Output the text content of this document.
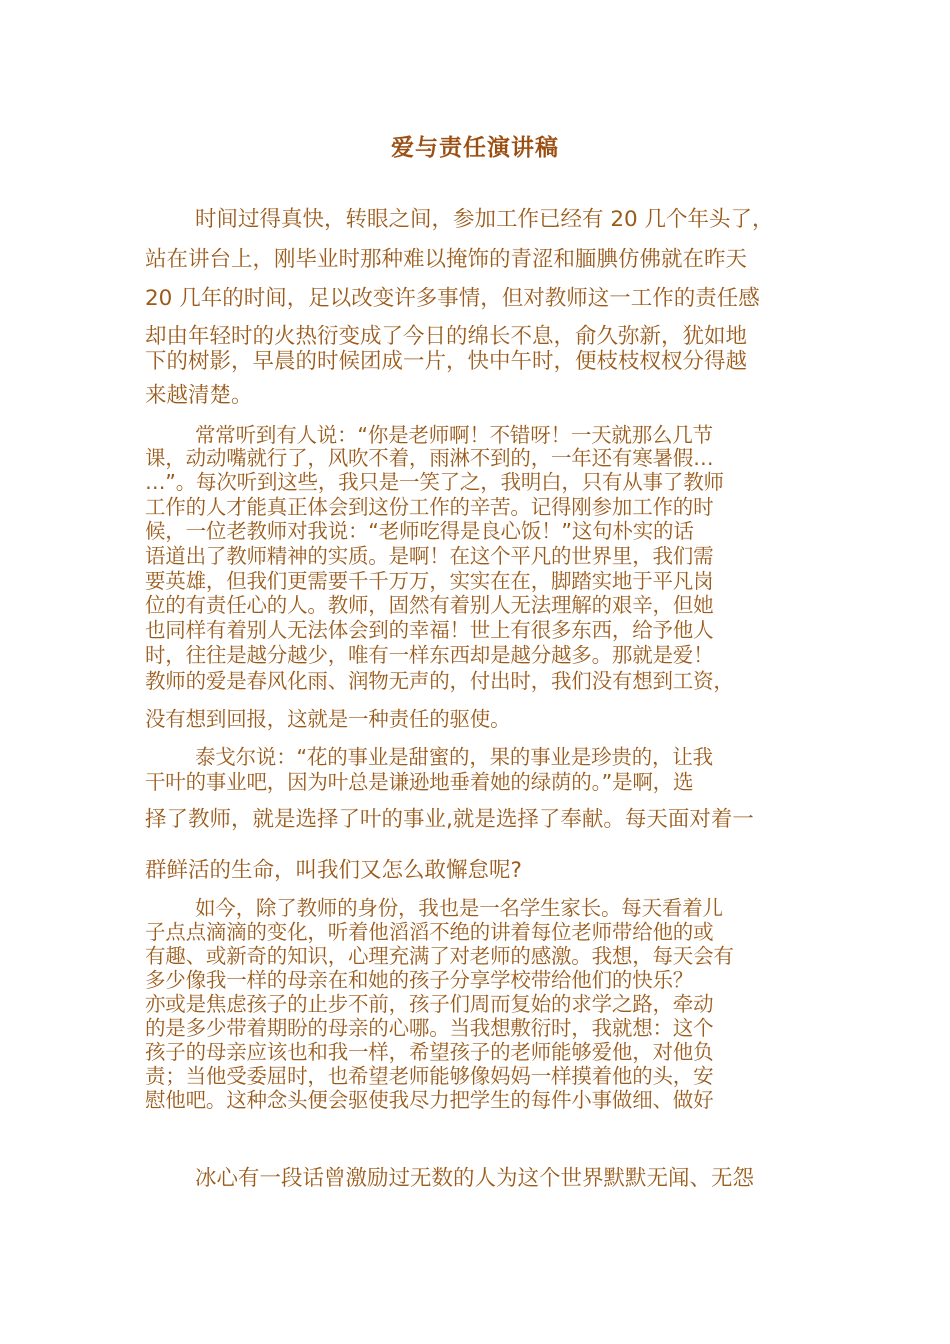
爱与责任演讲稿
时间过得真快，转眼之间，参加工作已经有 20 几个年头了，
站在讲台上，刚毕业时那种难以掩饰的青涩和腼腆仿佛就在昨天
20 几年的时间，足以改变许多事情，但对教师这一工作的责任感
却由年轻时的火热衍变成了今日的绵长不息，俞久弥新，犹如地
下的树影，早晨的时候团成一片，快中午时，便枝枝杈杈分得越
来越清楚。
常常听到有人说：“你是老师啊！不错呀！一天就那么几节
课，动动嘴就行了，风吹不着，雨淋不到的，一年还有寒暑假…
…”。每次听到这些，我只是一笑了之，我明白，只有从事了教师
工作的人才能真正体会到这份工作的辛苦。记得刚参加工作的时
候，一位老教师对我说：“老师吃得是良心饭！”这句朴实的话
语道出了教师精神的实质。是啊！在这个平凡的世界里，我们需
要英雄，但我们更需要千千万万，实实在在，脚踏实地于平凡岗
位的有责任心的人。教师，固然有着别人无法理解的艰辛，但她
也同样有着别人无法体会到的幸福！世上有很多东西，给予他人
时，往往是越分越少，唯有一样东西却是越分越多。那就是爱！
教师的爱是春风化雨、润物无声的，付出时，我们没有想到工资，
没有想到回报，这就是一种责任的驱使。
泰戈尔说：“花的事业是甜蜜的，果的事业是珍贵的，让我
干叶的事业吧，因为叶总是谦逊地垂着她的绿荫的。”是啊，选
择了教师，就是选择了叶的事业,就是选择了奉献。每天面对着一
群鲜活的生命，叫我们又怎么敢懈怠呢?
如今，除了教师的身份，我也是一名学生家长。每天看着儿
子点点滴滴的变化，听着他滔滔不绝的讲着每位老师带给他的或
有趣、或新奇的知识，心理充满了对老师的感激。我想，每天会有
多少像我一样的母亲在和她的孩子分享学校带给他们的快乐？
亦或是焦虑孩子的止步不前，孩子们周而复始的求学之路，牵动
的是多少带着期盼的母亲的心哪。当我想敷衍时，我就想：这个
孩子的母亲应该也和我一样，希望孩子的老师能够爱他，对他负
责；当他受委屈时，也希望老师能够像妈妈一样摸着他的头，安
慰他吧。这种念头便会驱使我尽力把学生的每件小事做细、做好
冰心有一段话曾激励过无数的人为这个世界默默无闻、无怨
